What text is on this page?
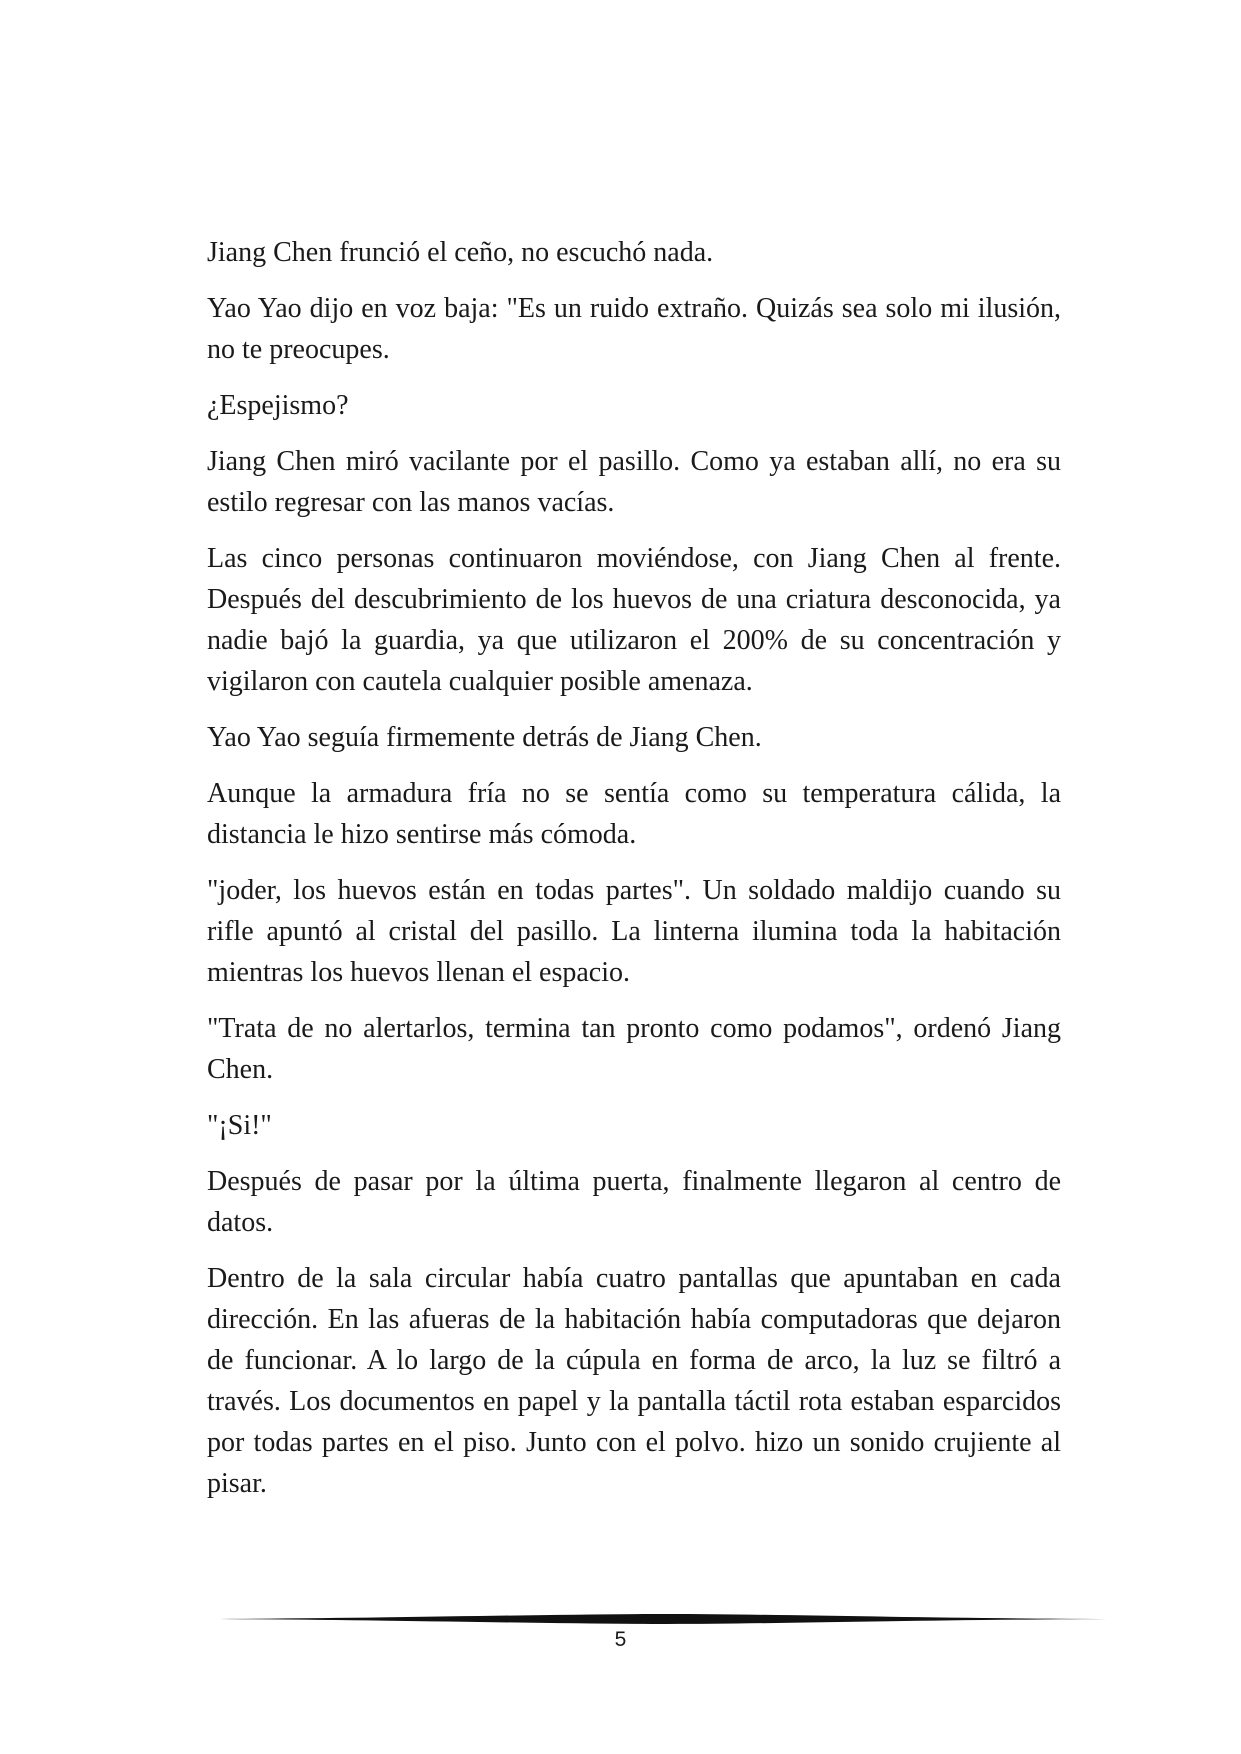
Jiang Chen frunció el ceño, no escuchó nada.

Yao Yao dijo en voz baja: "Es un ruido extraño. Quizás sea solo mi ilusión, no te preocupes.

¿Espejismo?

Jiang Chen miró vacilante por el pasillo. Como ya estaban allí, no era su estilo regresar con las manos vacías.

Las cinco personas continuaron moviéndose, con Jiang Chen al frente. Después del descubrimiento de los huevos de una criatura desconocida, ya nadie bajó la guardia, ya que utilizaron el 200% de su concentración y vigilaron con cautela cualquier posible amenaza.

Yao Yao seguía firmemente detrás de Jiang Chen.

Aunque la armadura fría no se sentía como su temperatura cálida, la distancia le hizo sentirse más cómoda.

"joder, los huevos están en todas partes". Un soldado maldijo cuando su rifle apuntó al cristal del pasillo. La linterna ilumina toda la habitación mientras los huevos llenan el espacio.

"Trata de no alertarlos, termina tan pronto como podamos", ordenó Jiang Chen.

"¡Si!"

Después de pasar por la última puerta, finalmente llegaron al centro de datos.

Dentro de la sala circular había cuatro pantallas que apuntaban en cada dirección. En las afueras de la habitación había computadoras que dejaron de funcionar. A lo largo de la cúpula en forma de arco, la luz se filtró a través. Los documentos en papel y la pantalla táctil rota estaban esparcidos por todas partes en el piso. Junto con el polvo. hizo un sonido crujiente al pisar.

5
